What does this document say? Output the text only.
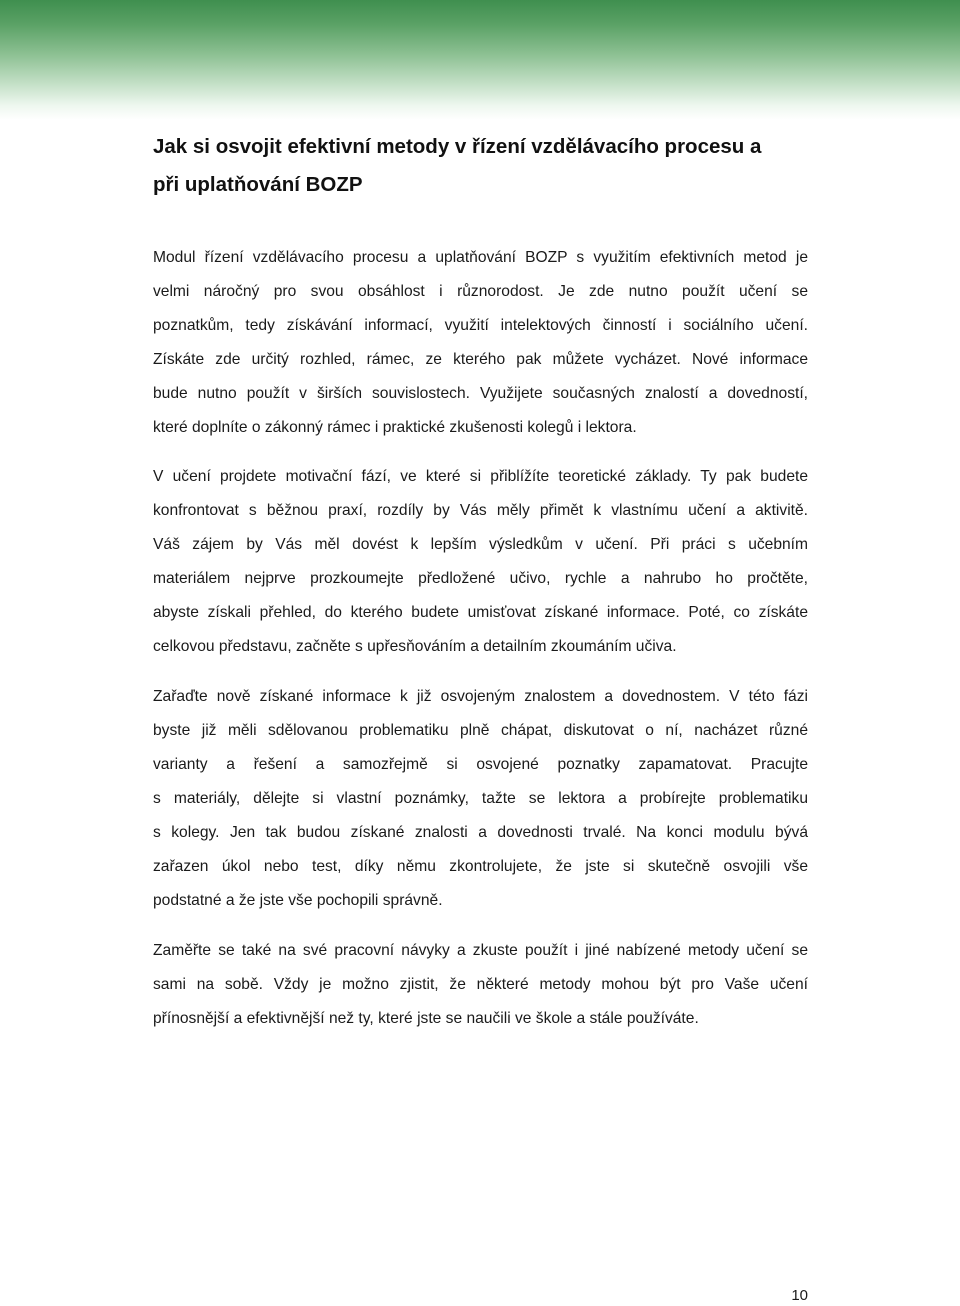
Jak si osvojit efektivní metody v řízení vzdělávacího procesu a
při uplatňování BOZP

Modul řízení vzdělávacího procesu a uplatňování BOZP s využitím efektivních metod je
velmi náročný pro svou obsáhlost i různorodost. Je zde nutno použít učení se
poznatkům, tedy získávání informací, využití intelektových činností i sociálního učení.
Získáte zde určitý rozhled, rámec, ze kterého pak můžete vycházet. Nové informace
bude nutno použít v širších souvislostech. Využijete současných znalostí a dovedností,
které doplníte o zákonný rámec i praktické zkušenosti kolegů i lektora.

V učení projdete motivační fází, ve které si přiblížíte teoretické základy. Ty pak budete
konfrontovat s běžnou praxí, rozdíly by Vás měly přimět k vlastnímu učení a aktivitě.
Váš zájem by Vás měl dovést k lepším výsledkům v učení. Při práci s učebním
materiálem nejprve prozkoumejte předložené učivo, rychle a nahrubo ho pročtěte,
abyste získali přehled, do kterého budete umisťovat získané informace. Poté, co získáte
celkovou představu, začněte s upřesňováním a detailním zkoumáním učiva.

Zařaďte nově získané informace k již osvojeným znalostem a dovednostem. V této fázi
byste již měli sdělovanou problematiku plně chápat, diskutovat o ní, nacházet různé
varianty a řešení a samozřejmě si osvojené poznatky zapamatovat. Pracujte
s materiály, dělejte si vlastní poznámky, tažte se lektora a probírejte problematiku
s kolegy. Jen tak budou získané znalosti a dovednosti trvalé. Na konci modulu bývá
zařazen úkol nebo test, díky němu zkontrolujete, že jste si skutečně osvojili vše
podstatné a že jste vše pochopili správně.

Zaměřte se také na své pracovní návyky a zkuste použít i jiné nabízené metody učení se
sami na sobě. Vždy je možno zjistit, že některé metody mohou být pro Vaše učení
přínosnější a efektivnější než ty, které jste se naučili ve škole a stále používáte.

10
